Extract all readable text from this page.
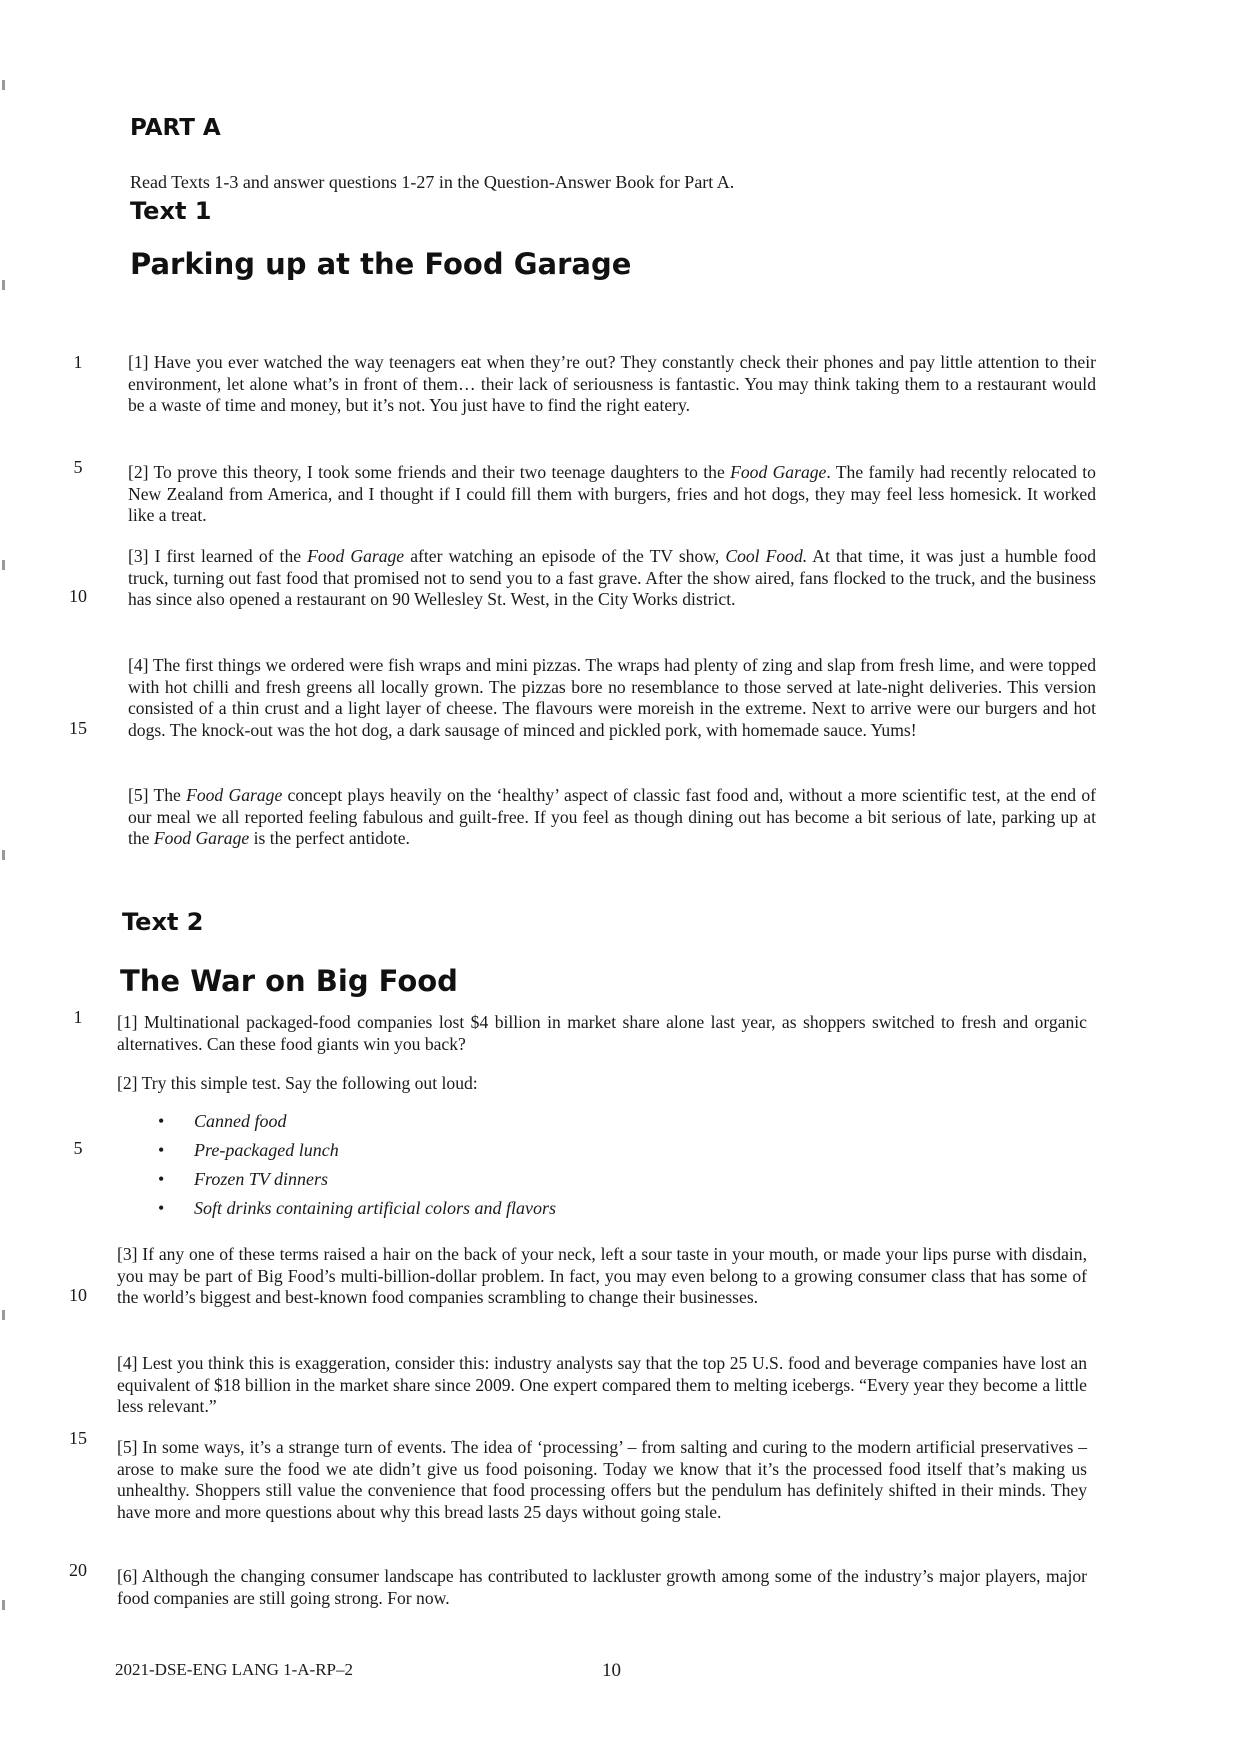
PART A
Read Texts 1-3 and answer questions 1-27 in the Question-Answer Book for Part A.
Text 1
Parking up at the Food Garage
1
5
10
15

[1] Have you ever watched the way teenagers eat when they’re out? They constantly check their phones and pay little attention to their environment, let alone what’s in front of them… their lack of seriousness is fantastic. You may think taking them to a restaurant would be a waste of time and money, but it’s not. You just have to find the right eatery.

[2] To prove this theory, I took some friends and their two teenage daughters to the Food Garage. The family had recently relocated to New Zealand from America, and I thought if I could fill them with burgers, fries and hot dogs, they may feel less homesick. It worked like a treat.

[3] I first learned of the Food Garage after watching an episode of the TV show, Cool Food. At that time, it was just a humble food truck, turning out fast food that promised not to send you to a fast grave. After the show aired, fans flocked to the truck, and the business has since also opened a restaurant on 90 Wellesley St. West, in the City Works district.

[4] The first things we ordered were fish wraps and mini pizzas. The wraps had plenty of zing and slap from fresh lime, and were topped with hot chilli and fresh greens all locally grown. The pizzas bore no resemblance to those served at late-night deliveries. This version consisted of a thin crust and a light layer of cheese. The flavours were moreish in the extreme. Next to arrive were our burgers and hot dogs. The knock-out was the hot dog, a dark sausage of minced and pickled pork, with homemade sauce. Yums!

[5] The Food Garage concept plays heavily on the ‘healthy’ aspect of classic fast food and, without a more scientific test, at the end of our meal we all reported feeling fabulous and guilt-free. If you feel as though dining out has become a bit serious of late, parking up at the Food Garage is the perfect antidote.

Text 2
The War on Big Food
1
5
10
15
20

[1] Multinational packaged-food companies lost $4 billion in market share alone last year, as shoppers switched to fresh and organic alternatives. Can these food giants win you back?

[2] Try this simple test. Say the following out loud:

• Canned food
• Pre-packaged lunch
• Frozen TV dinners
• Soft drinks containing artificial colors and flavors

[3] If any one of these terms raised a hair on the back of your neck, left a sour taste in your mouth, or made your lips purse with disdain, you may be part of Big Food’s multi-billion-dollar problem. In fact, you may even belong to a growing consumer class that has some of the world’s biggest and best-known food companies scrambling to change their businesses.

[4] Lest you think this is exaggeration, consider this: industry analysts say that the top 25 U.S. food and beverage companies have lost an equivalent of $18 billion in the market share since 2009. One expert compared them to melting icebergs. “Every year they become a little less relevant.”

[5] In some ways, it’s a strange turn of events. The idea of ‘processing’ – from salting and curing to the modern artificial preservatives – arose to make sure the food we ate didn’t give us food poisoning. Today we know that it’s the processed food itself that’s making us unhealthy. Shoppers still value the convenience that food processing offers but the pendulum has definitely shifted in their minds. They have more and more questions about why this bread lasts 25 days without going stale.

[6] Although the changing consumer landscape has contributed to lackluster growth among some of the industry’s major players, major food companies are still going strong. For now.

2021-DSE-ENG LANG 1-A-RP–2	10
